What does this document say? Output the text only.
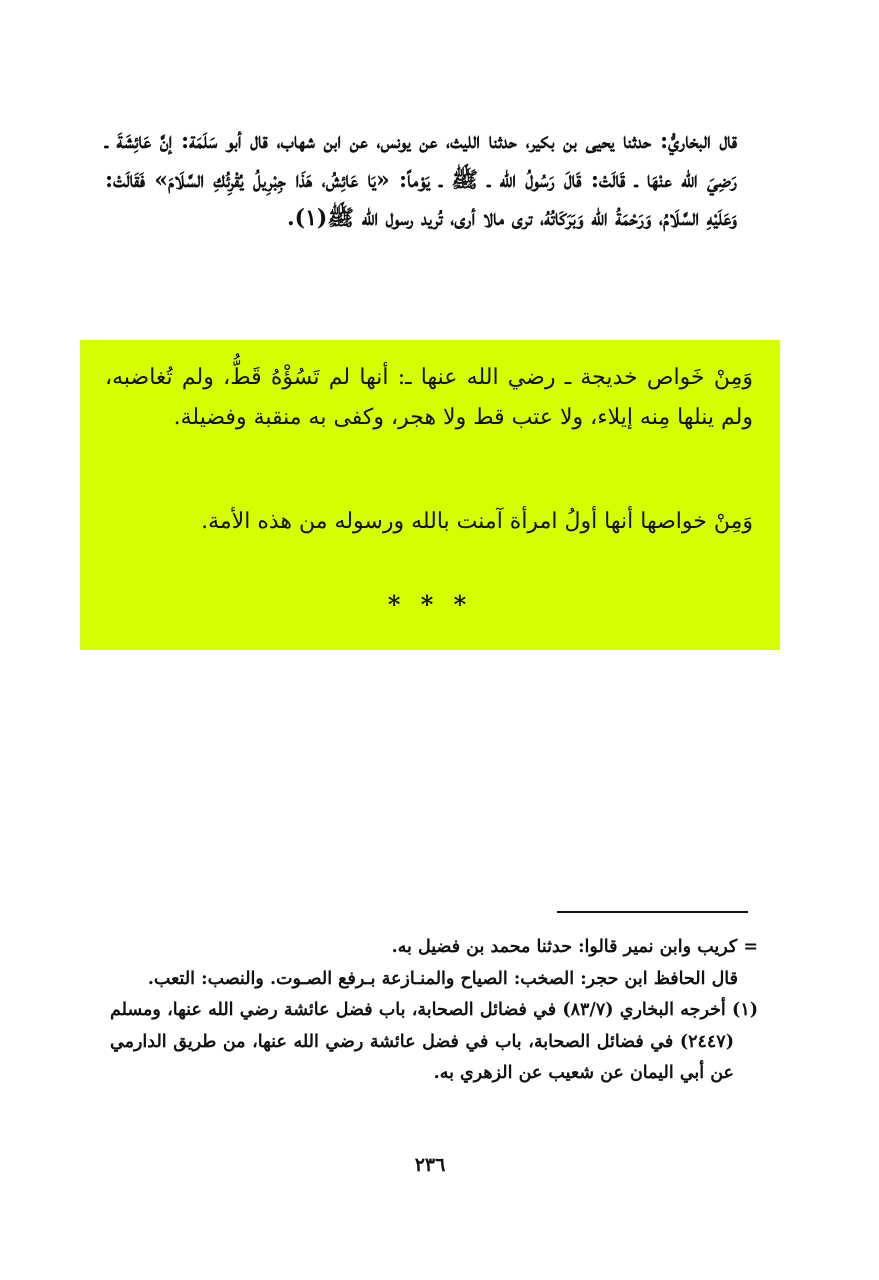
قال البخاريُّ: حدثنا يحيى بن بكير، حدثنا الليث، عن يونس، عن ابن شهاب، قال أبو سَلَمَة: إنَّ عَائِشَةَ ـ رَضِيَ الله عنْهَا ـ قَالَتْ: قَالَ رَسُولُ الله ـ ﷺ ـ يَوْماً: «يَا عَائِشُ، هَذَا جِبْرِيلُ يُقْرِئُكِ السَّلَامَ» فَقَالَتْ: وَعَلَيْهِ السَّلَامُ، وَرَحْمَةُ الله وَبَرَكَاتُهُ، ترى مالا أرى، تُريد رسول الله ﷺ(١).

وَمِنْ خَواص خديجة ـ رضي الله عنها ـ: أنها لم تَسُؤْهُ قَطُّ، ولم تُغاضبه، ولم ينلها مِنه إيلاء، ولا عتب قط ولا هجر، وكفى به منقبة وفضيلة.

وَمِنْ خواصها أنها أولُ امرأة آمنت بالله ورسوله من هذه الأمة.

* * *

= كريب وابن نمير قالوا: حدثنا محمد بن فضيل به.

قال الحافظ ابن حجر: الصخب: الصياح والمنـازعة بـرفع الصـوت. والنصب: التعب.

(١) أخرجه البخاري (٨٣/٧) في فضائل الصحابة، باب فضل عائشة رضي الله عنها، ومسلم (٢٤٤٧) في فضائل الصحابة، باب في فضل عائشة رضي الله عنها، من طريق الدارمي عن أبي اليمان عن شعيب عن الزهري به.

٢٣٦
